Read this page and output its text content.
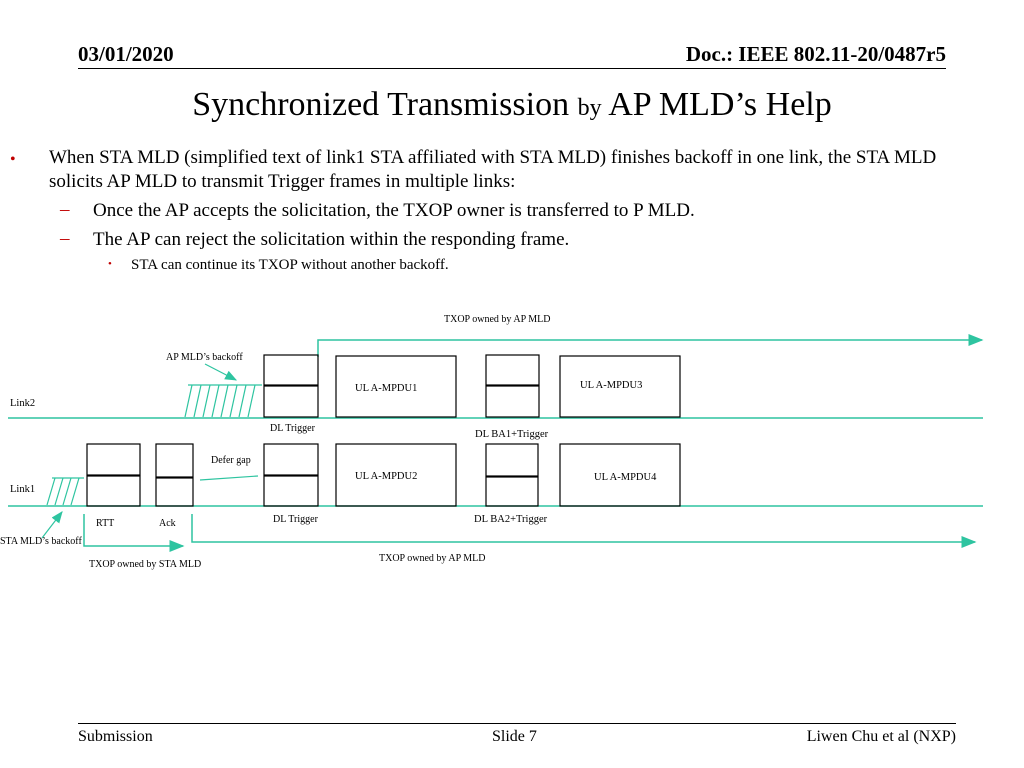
03/01/2020	Doc.: IEEE 802.11-20/0487r5
Synchronized Transmission by AP MLD’s Help
• When STA MLD (simplified text of link1 STA affiliated with STA MLD) finishes backoff in one link, the STA MLD
solicits AP MLD to transmit Trigger frames in multiple links:
– Once the AP accepts the solicitation, the TXOP owner is transferred to P MLD.
– The AP can reject the solicitation within the responding frame.
• STA can continue its TXOP without another backoff.
TXOP owned by AP MLD
AP MLD’s backoff
Link2
Link1
UL A-MPDU1	UL A-MPDU3
DL Trigger
DL BA1+Trigger
Defer gap
UL A-MPDU2	UL A-MPDU4
RTT	Ack	DL Trigger	DL BA2+Trigger
STA MLD’s backoff
TXOP owned by AP MLD
TXOP owned by STA MLD
Submission	Slide 7	Liwen Chu et al (NXP)
